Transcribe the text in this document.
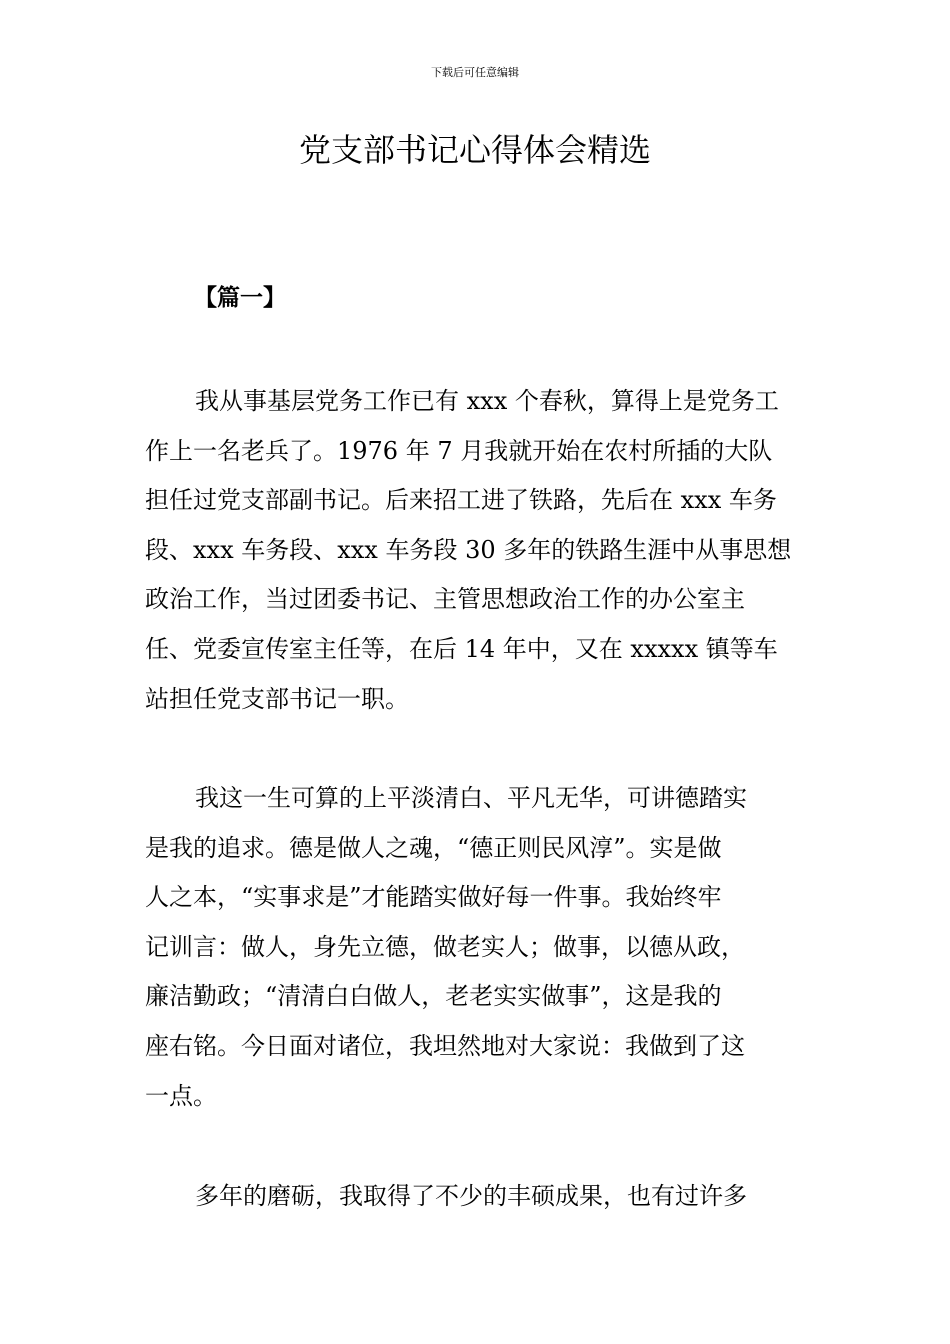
下载后可任意编辑
党支部书记心得体会精选
【篇一】
我从事基层党务工作已有 xxx 个春秋，算得上是党务工
作上一名老兵了。1976 年 7 月我就开始在农村所插的大队
担任过党支部副书记。后来招工进了铁路，先后在 xxx 车务
段、xxx 车务段、xxx 车务段 30 多年的铁路生涯中从事思想
政治工作，当过团委书记、主管思想政治工作的办公室主
任、党委宣传室主任等，在后 14 年中，又在 xxxxx 镇等车
站担任党支部书记一职。
我这一生可算的上平淡清白、平凡无华，可讲德踏实
是我的追求。德是做人之魂，“德正则民风淳”。实是做
人之本，“实事求是”才能踏实做好每一件事。我始终牢
记训言：做人，身先立德，做老实人；做事，以德从政，
廉洁勤政；“清清白白做人，老老实实做事”，这是我的
座右铭。今日面对诸位，我坦然地对大家说：我做到了这
一点。
多年的磨砺，我取得了不少的丰硕成果，也有过许多
